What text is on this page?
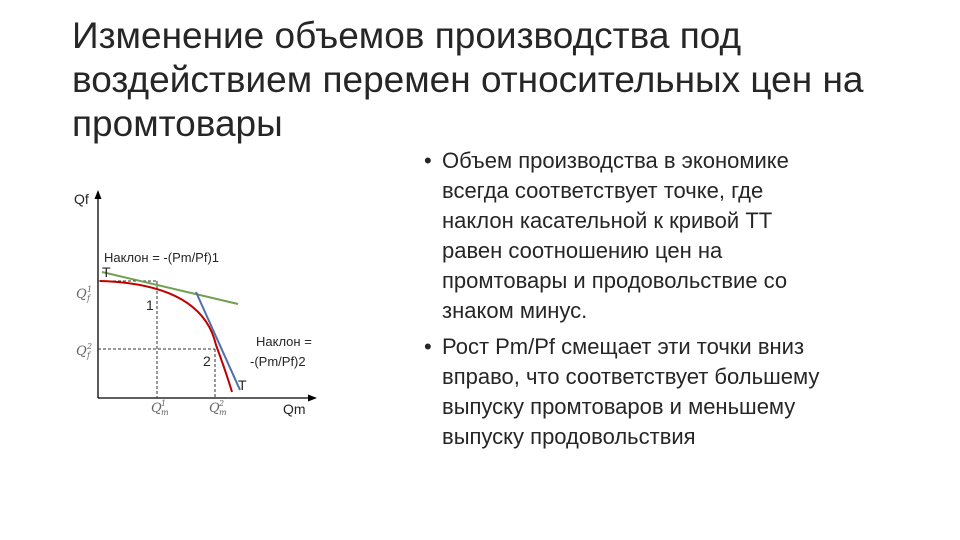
Изменение объемов производства под
воздействием перемен относительных цен на
промтовары
Qf
Qm
Наклон = -(Pm/Pf)1
Наклон =
-(Pm/Pf)2
T
T
1
2
Q 1
f
Q 2
f
Q 1
m	Q 2
m
• Объем производства в экономике
всегда соответствует точке, где
наклон касательной к кривой ТТ
равен соотношению цен на
промтовары и продовольствие со
знаком минус.
• Рост Pm/Pf смещает эти точки вниз
вправо, что соответствует большему
выпуску промтоваров и меньшему
выпуску продовольствия
